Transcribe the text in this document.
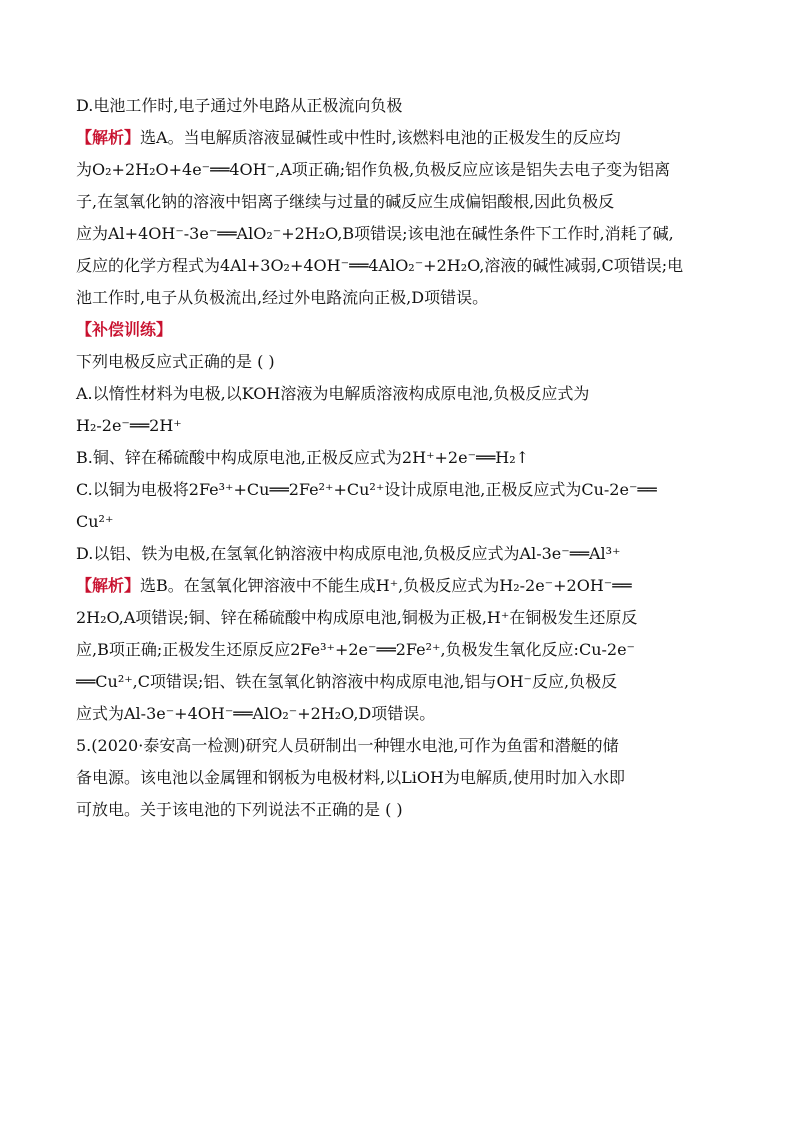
D.电池工作时,电子通过外电路从正极流向负极
【解析】选A。当电解质溶液显碱性或中性时,该燃料电池的正极发生的反应均
为O₂+2H₂O+4e⁻══4OH⁻,A项正确;铝作负极,负极反应应该是铝失去电子变为铝离
子,在氢氧化钠的溶液中铝离子继续与过量的碱反应生成偏铝酸根,因此负极反
应为Al+4OH⁻-3e⁻══AlO₂⁻+2H₂O,B项错误;该电池在碱性条件下工作时,消耗了碱,
反应的化学方程式为4Al+3O₂+4OH⁻══4AlO₂⁻+2H₂O,溶液的碱性减弱,C项错误;电
池工作时,电子从负极流出,经过外电路流向正极,D项错误。
【补偿训练】
下列电极反应式正确的是 ( )
A.以惰性材料为电极,以KOH溶液为电解质溶液构成原电池,负极反应式为
H₂-2e⁻══2H⁺
B.铜、锌在稀硫酸中构成原电池,正极反应式为2H⁺+2e⁻══H₂↑
C.以铜为电极将2Fe³⁺+Cu══2Fe²⁺+Cu²⁺设计成原电池,正极反应式为Cu-2e⁻══
Cu²⁺
D.以铝、铁为电极,在氢氧化钠溶液中构成原电池,负极反应式为Al-3e⁻══Al³⁺
【解析】选B。在氢氧化钾溶液中不能生成H⁺,负极反应式为H₂-2e⁻+2OH⁻══
2H₂O,A项错误;铜、锌在稀硫酸中构成原电池,铜极为正极,H⁺在铜极发生还原反
应,B项正确;正极发生还原反应2Fe³⁺+2e⁻══2Fe²⁺,负极发生氧化反应:Cu-2e⁻
══Cu²⁺,C项错误;铝、铁在氢氧化钠溶液中构成原电池,铝与OH⁻反应,负极反
应式为Al-3e⁻+4OH⁻══AlO₂⁻+2H₂O,D项错误。
5.(2020·泰安高一检测)研究人员研制出一种锂水电池,可作为鱼雷和潜艇的储
备电源。该电池以金属锂和钢板为电极材料,以LiOH为电解质,使用时加入水即
可放电。关于该电池的下列说法不正确的是 ( )
